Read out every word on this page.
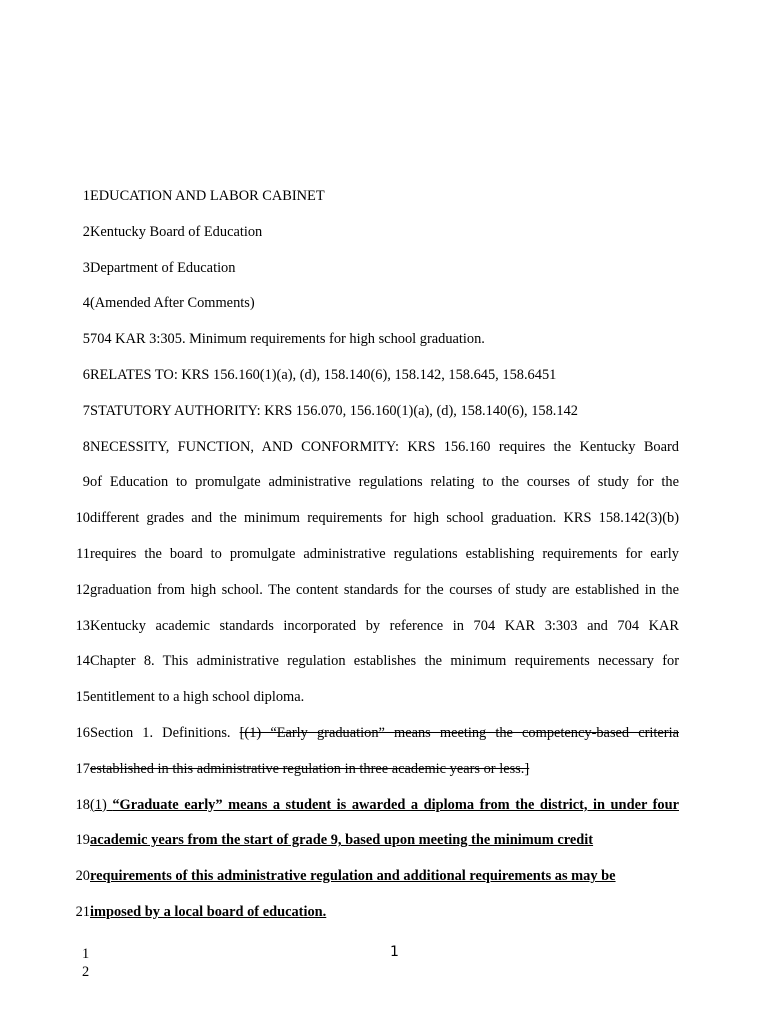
1 EDUCATION AND LABOR CABINET
2 Kentucky Board of Education
3 Department of Education
4 (Amended After Comments)
5 704 KAR 3:305. Minimum requirements for high school graduation.
6 RELATES TO: KRS 156.160(1)(a), (d), 158.140(6), 158.142, 158.645, 158.6451
7 STATUTORY AUTHORITY: KRS 156.070, 156.160(1)(a), (d), 158.140(6), 158.142
8 NECESSITY, FUNCTION, AND CONFORMITY: KRS 156.160 requires the Kentucky Board
9 of Education to promulgate administrative regulations relating to the courses of study for the
10 different grades and the minimum requirements for high school graduation. KRS 158.142(3)(b)
11 requires the board to promulgate administrative regulations establishing requirements for early
12 graduation from high school. The content standards for the courses of study are established in the
13 Kentucky academic standards incorporated by reference in 704 KAR 3:303 and 704 KAR
14 Chapter 8. This administrative regulation establishes the minimum requirements necessary for
15 entitlement to a high school diploma.
16 Section 1. Definitions. [(1) “Early graduation” means meeting the competency-based criteria
17 established in this administrative regulation in three academic years or less.]
18 (1) “Graduate early” means a student is awarded a diploma from the district, in under four
19 academic years from the start of grade 9, based upon meeting the minimum credit
20 requirements of this administrative regulation and additional requirements as may be
21 imposed by a local board of education.
1
2
1
